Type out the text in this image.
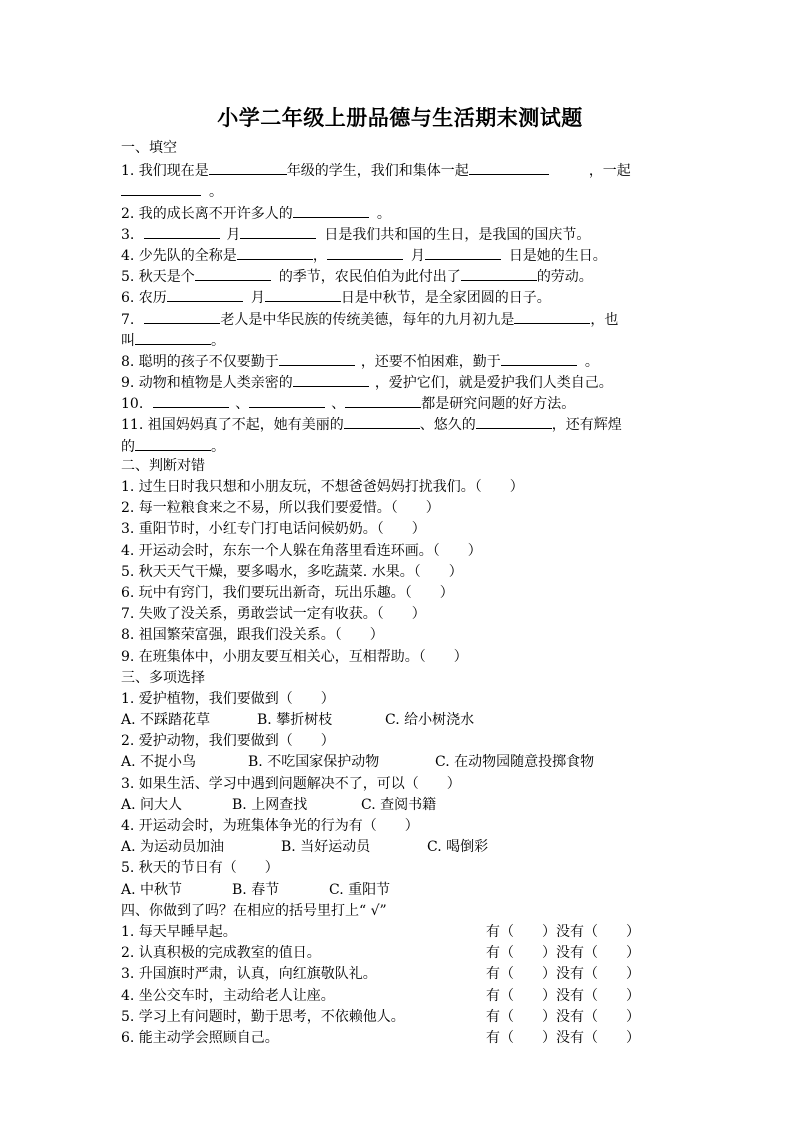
小学二年级上册品德与生活期末测试题
一、填空
1. 我们现在是	年级的学生，我们和集体一起	，一起
。
2. 我的成长离不开许多人的	。
3.	月	日是我们共和国的生日，是我国的国庆节。
4. 少先队的全称是	，	月	日是她的生日。
5. 秋天是个	的季节，农民伯伯为此付出了	的劳动。
6. 农历	月	日是中秋节，是全家团圆的日子。
7.	老人是中华民族的传统美德，每年的九月初九是	，也
叫	。
8. 聪明的孩子不仅要勤于	，还要不怕困难，勤于	。
9. 动物和植物是人类亲密的	，爱护它们，就是爱护我们人类自己。
10.	、	、	都是研究问题的好方法。
11. 祖国妈妈真了不起，她有美丽的	、悠久的	，还有辉煌
的	。
二、判断对错
1. 过生日时我只想和小朋友玩，不想爸爸妈妈打扰我们。（　　）
2. 每一粒粮食来之不易，所以我们要爱惜。（　　）
3. 重阳节时，小红专门打电话问候奶奶。（　　）
4. 开运动会时，东东一个人躲在角落里看连环画。（　　）
5. 秋天天气干燥，要多喝水，多吃蔬菜. 水果。（　　）
6. 玩中有窍门，我们要玩出新奇，玩出乐趣。（　　）
7. 失败了没关系，勇敢尝试一定有收获。（　　）
8. 祖国繁荣富强，跟我们没关系。（　　）
9. 在班集体中，小朋友要互相关心，互相帮助。（　　）
三、多项选择
1. 爱护植物，我们要做到（　　）
A. 不踩踏花草	B. 攀折树枝	C. 给小树浇水
2. 爱护动物，我们要做到（　　）
A. 不捉小鸟	B. 不吃国家保护动物	C. 在动物园随意投掷食物
3. 如果生活、学习中遇到问题解决不了，可以（　　）
A. 问大人	B. 上网查找	C. 查阅书籍
4. 开运动会时，为班集体争光的行为有（　　）
A. 为运动员加油	B. 当好运动员	C. 喝倒彩
5. 秋天的节日有（　　）
A. 中秋节	B. 春节	C. 重阳节
四、你做到了吗？在相应的括号里打上“ √”
1. 每天早睡早起。	有（　　）没有（　　）
2. 认真积极的完成教室的值日。	有（　　）没有（　　）
3. 升国旗时严肃，认真，向红旗敬队礼。	有（　　）没有（　　）
4. 坐公交车时，主动给老人让座。	有（　　）没有（　　）
5. 学习上有问题时，勤于思考，不依赖他人。	有（　　）没有（　　）
6. 能主动学会照顾自己。	有（　　）没有（　　）
